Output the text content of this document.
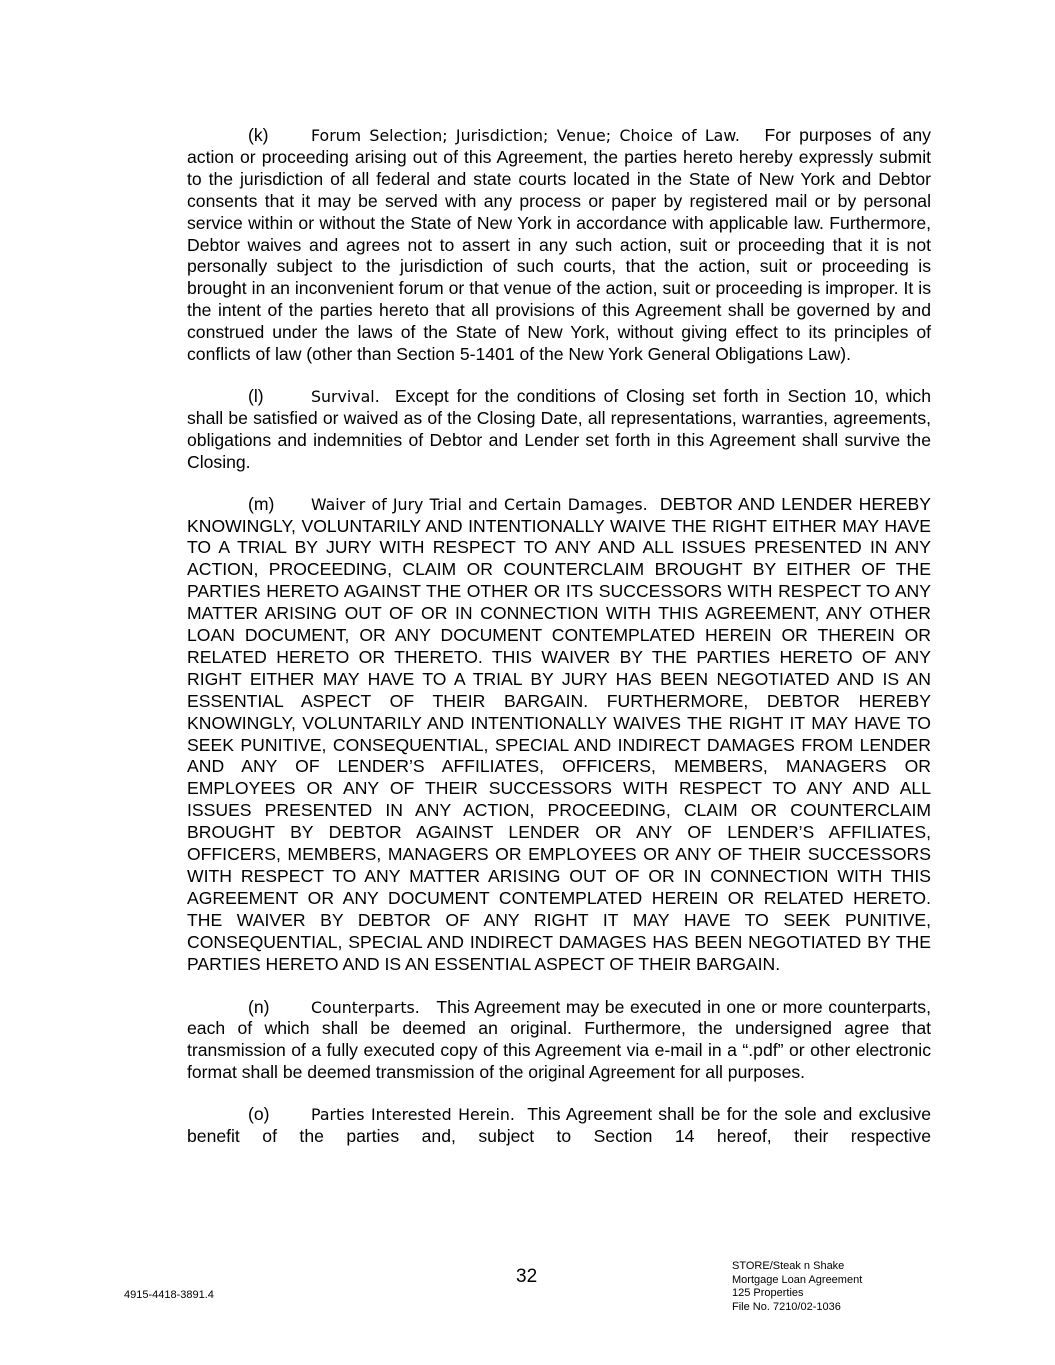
(k)	Forum Selection; Jurisdiction; Venue; Choice of Law. For purposes of any action or proceeding arising out of this Agreement, the parties hereto hereby expressly submit to the jurisdiction of all federal and state courts located in the State of New York and Debtor consents that it may be served with any process or paper by registered mail or by personal service within or without the State of New York in accordance with applicable law. Furthermore, Debtor waives and agrees not to assert in any such action, suit or proceeding that it is not personally subject to the jurisdiction of such courts, that the action, suit or proceeding is brought in an inconvenient forum or that venue of the action, suit or proceeding is improper. It is the intent of the parties hereto that all provisions of this Agreement shall be governed by and construed under the laws of the State of New York, without giving effect to its principles of conflicts of law (other than Section 5-1401 of the New York General Obligations Law).

(l)	Survival. Except for the conditions of Closing set forth in Section 10, which shall be satisfied or waived as of the Closing Date, all representations, warranties, agreements, obligations and indemnities of Debtor and Lender set forth in this Agreement shall survive the Closing.

(m) Waiver of Jury Trial and Certain Damages. DEBTOR AND LENDER HEREBY KNOWINGLY, VOLUNTARILY AND INTENTIONALLY WAIVE THE RIGHT EITHER MAY HAVE TO A TRIAL BY JURY WITH RESPECT TO ANY AND ALL ISSUES PRESENTED IN ANY ACTION, PROCEEDING, CLAIM OR COUNTERCLAIM BROUGHT BY EITHER OF THE PARTIES HERETO AGAINST THE OTHER OR ITS SUCCESSORS WITH RESPECT TO ANY MATTER ARISING OUT OF OR IN CONNECTION WITH THIS AGREEMENT, ANY OTHER LOAN DOCUMENT, OR ANY DOCUMENT CONTEMPLATED HEREIN OR THEREIN OR RELATED HERETO OR THERETO. THIS WAIVER BY THE PARTIES HERETO OF ANY RIGHT EITHER MAY HAVE TO A TRIAL BY JURY HAS BEEN NEGOTIATED AND IS AN ESSENTIAL ASPECT OF THEIR BARGAIN. FURTHERMORE, DEBTOR HEREBY KNOWINGLY, VOLUNTARILY AND INTENTIONALLY WAIVES THE RIGHT IT MAY HAVE TO SEEK PUNITIVE, CONSEQUENTIAL, SPECIAL AND INDIRECT DAMAGES FROM LENDER AND ANY OF LENDER’S AFFILIATES, OFFICERS, MEMBERS, MANAGERS OR EMPLOYEES OR ANY OF THEIR SUCCESSORS WITH RESPECT TO ANY AND ALL ISSUES PRESENTED IN ANY ACTION, PROCEEDING, CLAIM OR COUNTERCLAIM BROUGHT BY DEBTOR AGAINST LENDER OR ANY OF LENDER’S AFFILIATES, OFFICERS, MEMBERS, MANAGERS OR EMPLOYEES OR ANY OF THEIR SUCCESSORS WITH RESPECT TO ANY MATTER ARISING OUT OF OR IN CONNECTION WITH THIS AGREEMENT OR ANY DOCUMENT CONTEMPLATED HEREIN OR RELATED HERETO. THE WAIVER BY DEBTOR OF ANY RIGHT IT MAY HAVE TO SEEK PUNITIVE, CONSEQUENTIAL, SPECIAL AND INDIRECT DAMAGES HAS BEEN NEGOTIATED BY THE PARTIES HERETO AND IS AN ESSENTIAL ASPECT OF THEIR BARGAIN.

(n)	Counterparts. This Agreement may be executed in one or more counterparts, each of which shall be deemed an original. Furthermore, the undersigned agree that transmission of a fully executed copy of this Agreement via e-mail in a “.pdf” or other electronic format shall be deemed transmission of the original Agreement for all purposes.

(o)	Parties Interested Herein. This Agreement shall be for the sole and exclusive benefit of the parties and, subject to Section 14 hereof, their respective

32
4915-4418-3891.4
STORE/Steak n Shake
Mortgage Loan Agreement
125 Properties
File No. 7210/02-1036
